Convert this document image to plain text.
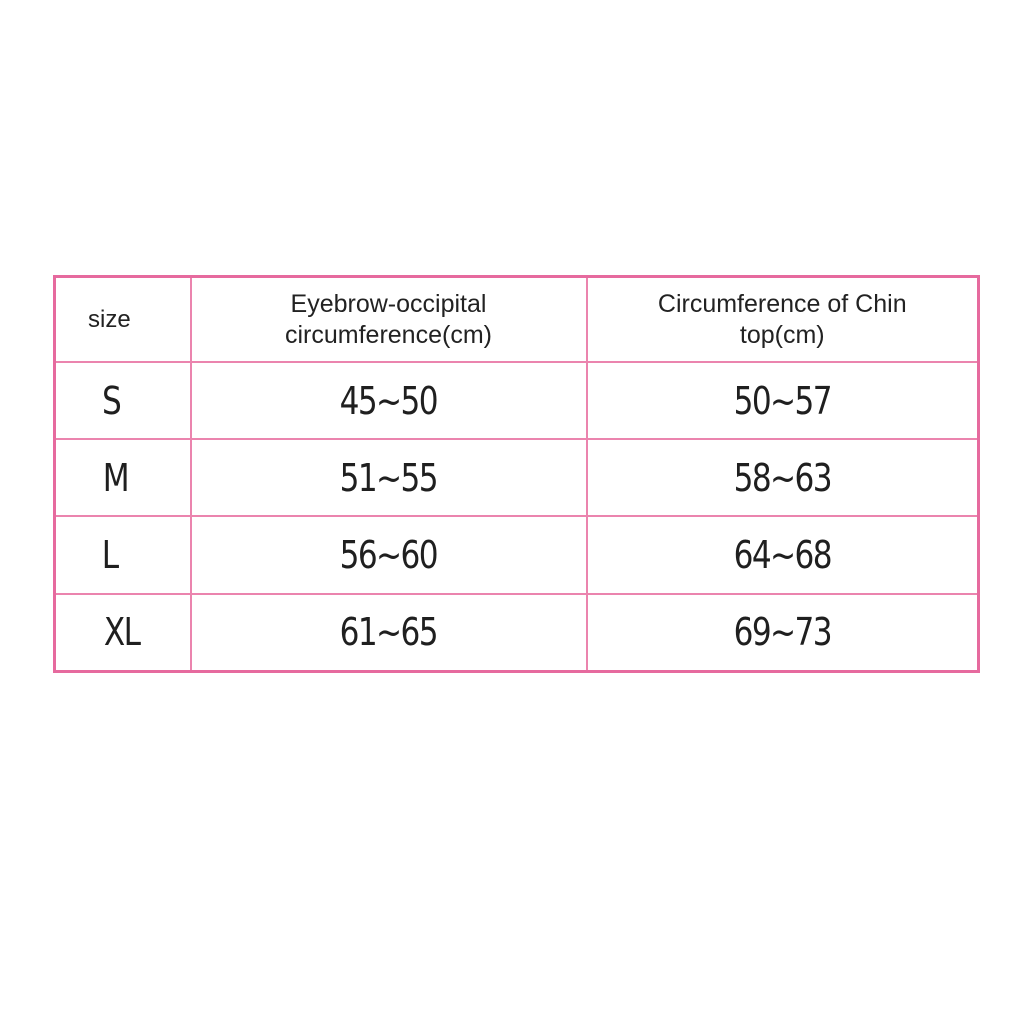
size	Eyebrow-occipital circumference(cm)	Circumference of Chin top(cm)
S	45~50	50~57
M	51~55	58~63
L	56~60	64~68
XL	61~65	69~73
